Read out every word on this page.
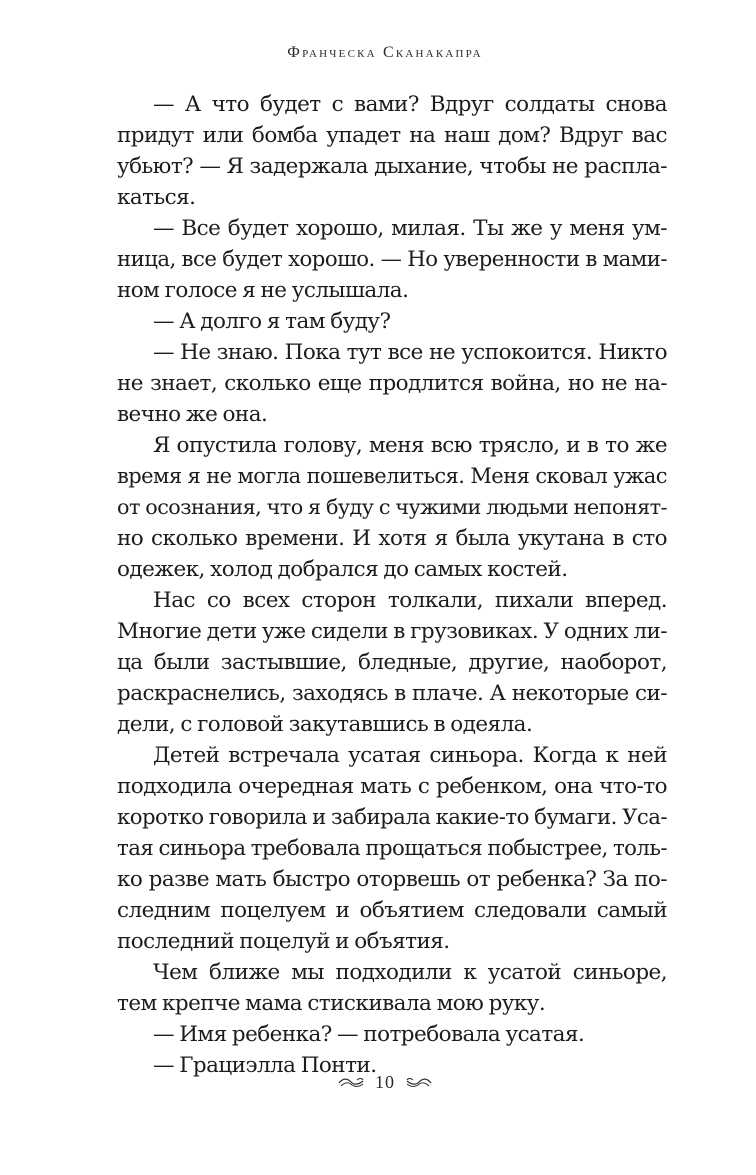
Франческа Сканакапра
— А что будет с вами? Вдруг солдаты снова
придут или бомба упадет на наш дом? Вдруг вас
убьют? — Я задержала дыхание, чтобы не распла-
каться.
— Все будет хорошо, милая. Ты же у меня ум-
ница, все будет хорошо. — Но уверенности в мами-
ном голосе я не услышала.
— А долго я там буду?
— Не знаю. Пока тут все не успокоится. Никто
не знает, сколько еще продлится война, но не на-
вечно же она.
Я опустила голову, меня всю трясло, и в то же
время я не могла пошевелиться. Меня сковал ужас
от осознания, что я буду с чужими людьми непонят-
но сколько времени. И хотя я была укутана в сто
одежек, холод добрался до самых костей.
Нас со всех сторон толкали, пихали вперед.
Многие дети уже сидели в грузовиках. У одних ли-
ца были застывшие, бледные, другие, наоборот,
раскраснелись, заходясь в плаче. А некоторые си-
дели, с головой закутавшись в одеяла.
Детей встречала усатая синьора. Когда к ней
подходила очередная мать с ребенком, она что-то
коротко говорила и забирала какие-то бумаги. Уса-
тая синьора требовала прощаться побыстрее, толь-
ко разве мать быстро оторвешь от ребенка? За по-
следним поцелуем и объятием следовали самый
последний поцелуй и объятия.
Чем ближе мы подходили к усатой синьоре,
тем крепче мама стискивала мою руку.
— Имя ребенка? — потребовала усатая.
— Грациэлла Понти.
10
